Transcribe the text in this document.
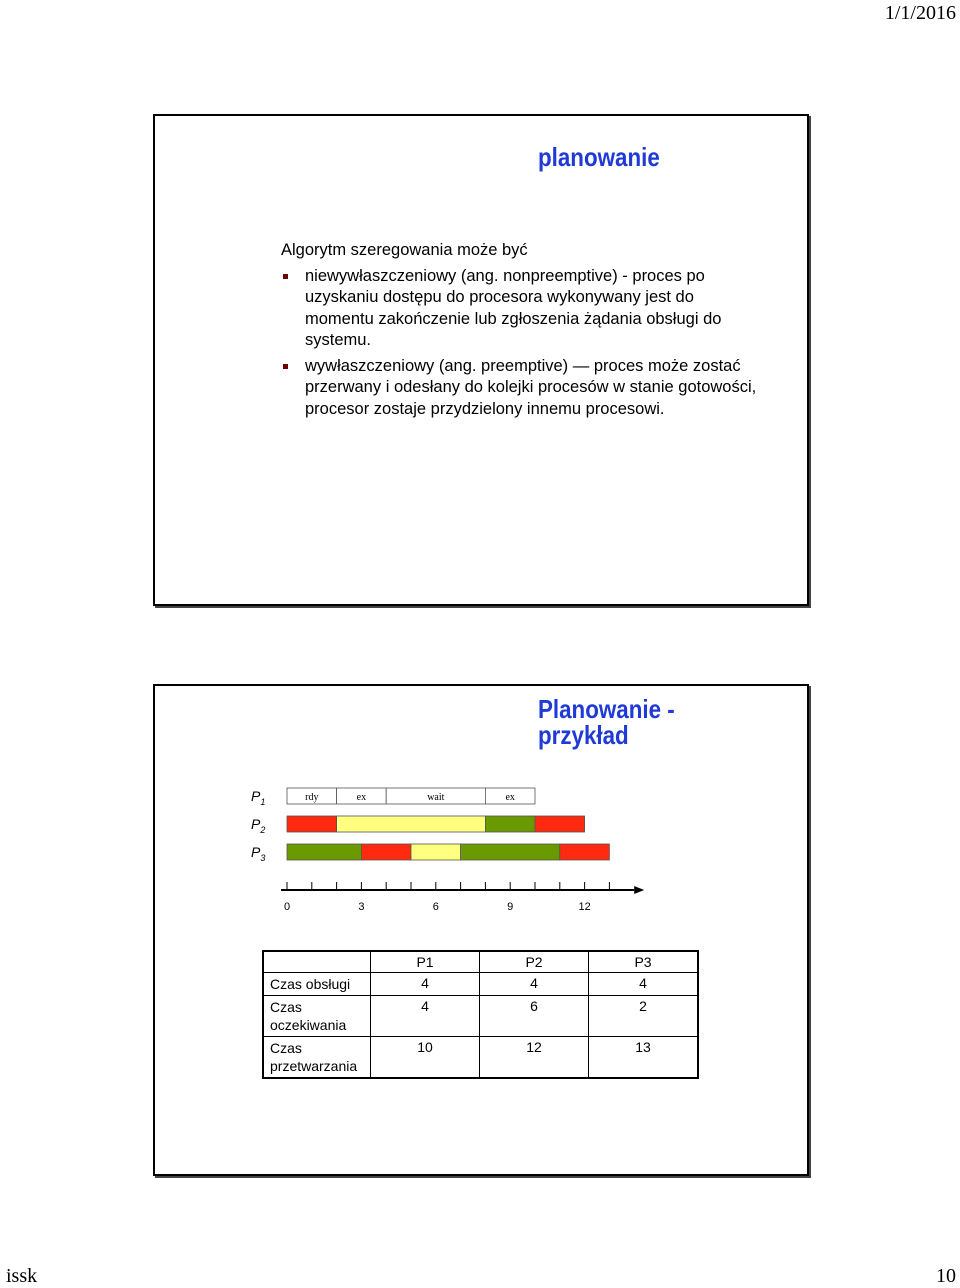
1/1/2016
planowanie
Algorytm szeregowania może być
niewywłaszczeniowy (ang. nonpreemptive) - proces po uzyskaniu dostępu do procesora wykonywany jest do momentu zakończenie lub zgłoszenia żądania obsługi do systemu.
wywłaszczeniowy (ang. preemptive) — proces może zostać przerwany i odesłany do kolejki procesów w stanie gotowości, procesor zostaje przydzielony innemu procesowi.
Planowanie - przykład
$P_1$	rdy	ex	wait	ex
$P_2$
$P_3$
0	3	6	9	12
	P1	P2	P3
Czas obsługi	4	4	4
Czas oczekiwania	4	6	2
Czas przetwarzania	10	12	13
issk	10
